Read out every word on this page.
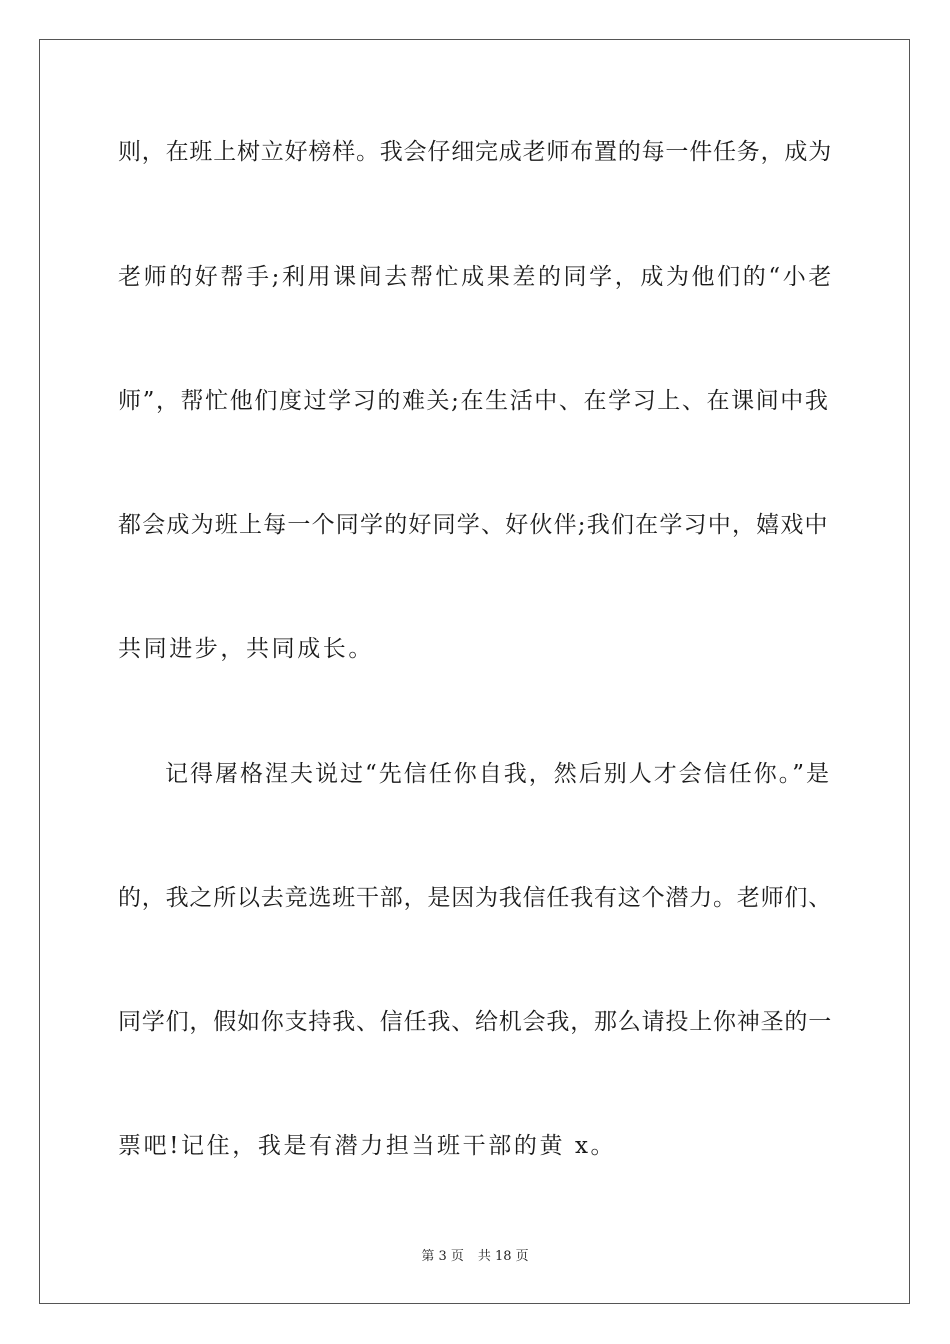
则，在班上树立好榜样。我会仔细完成老师布置的每一件任务，成为
老师的好帮手;利用课间去帮忙成果差的同学，成为他们的“小老
师”，帮忙他们度过学习的难关;在生活中、在学习上、在课间中我
都会成为班上每一个同学的好同学、好伙伴;我们在学习中，嬉戏中
共同进步，共同成长。
记得屠格涅夫说过“先信任你自我，然后别人才会信任你。”是
的，我之所以去竞选班干部，是因为我信任我有这个潜力。老师们、
同学们，假如你支持我、信任我、给机会我，那么请投上你神圣的一
票吧!记住，我是有潜力担当班干部的黄 x。
第 3 页 共 18 页
